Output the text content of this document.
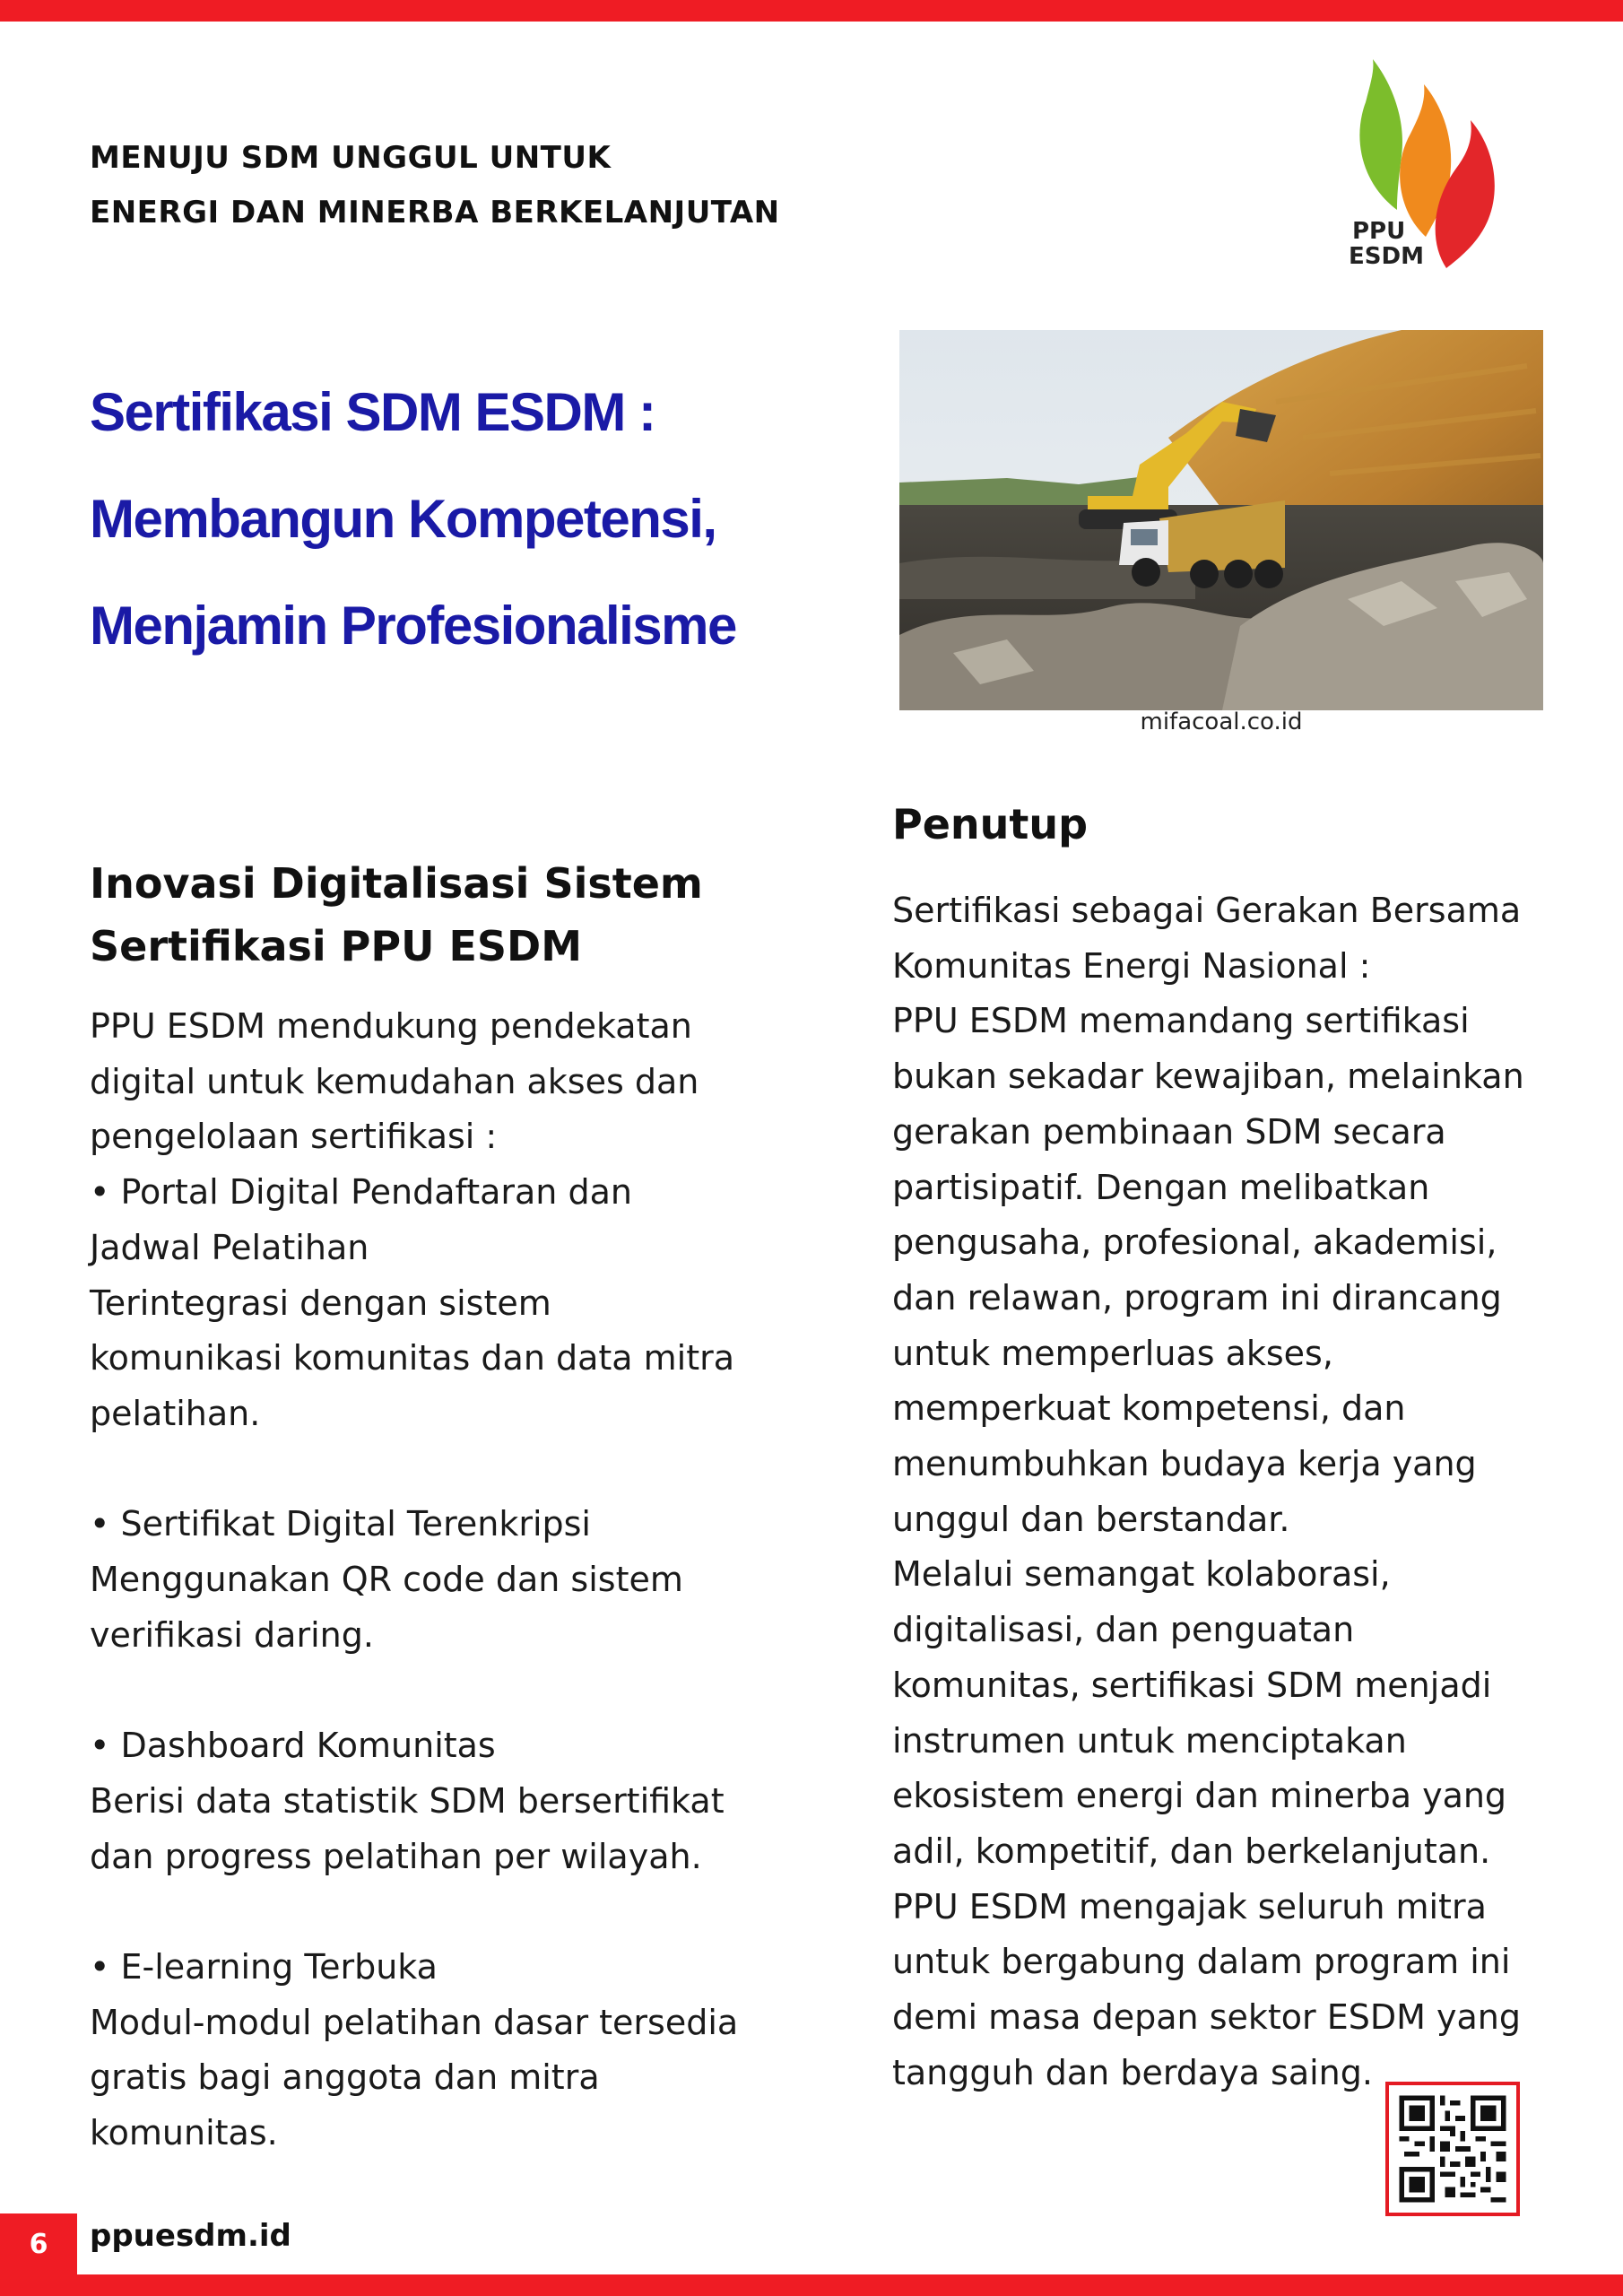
MENUJU SDM UNGGUL UNTUK
ENERGI DAN MINERBA BERKELANJUTAN
PPU
ESDM
Sertifikasi SDM ESDM :
Membangun Kompetensi,
Menjamin Profesionalisme
mifacoal.co.id
Inovasi Digitalisasi Sistem
Sertifikasi PPU ESDM
PPU ESDM mendukung pendekatan
digital untuk kemudahan akses dan
pengelolaan sertifikasi :
• Portal Digital Pendaftaran dan
Jadwal Pelatihan
Terintegrasi dengan sistem
komunikasi komunitas dan data mitra
pelatihan.
• Sertifikat Digital Terenkripsi
Menggunakan QR code dan sistem
verifikasi daring.
• Dashboard Komunitas
Berisi data statistik SDM bersertifikat
dan progress pelatihan per wilayah.
• E-learning Terbuka
Modul-modul pelatihan dasar tersedia
gratis bagi anggota dan mitra
komunitas.
Penutup
Sertifikasi sebagai Gerakan Bersama
Komunitas Energi Nasional :
PPU ESDM memandang sertifikasi
bukan sekadar kewajiban, melainkan
gerakan pembinaan SDM secara
partisipatif. Dengan melibatkan
pengusaha, profesional, akademisi,
dan relawan, program ini dirancang
untuk memperluas akses,
memperkuat kompetensi, dan
menumbuhkan budaya kerja yang
unggul dan berstandar.
Melalui semangat kolaborasi,
digitalisasi, dan penguatan
komunitas, sertifikasi SDM menjadi
instrumen untuk menciptakan
ekosistem energi dan minerba yang
adil, kompetitif, dan berkelanjutan.
PPU ESDM mengajak seluruh mitra
untuk bergabung dalam program ini
demi masa depan sektor ESDM yang
tangguh dan berdaya saing.
6	ppuesdm.id
